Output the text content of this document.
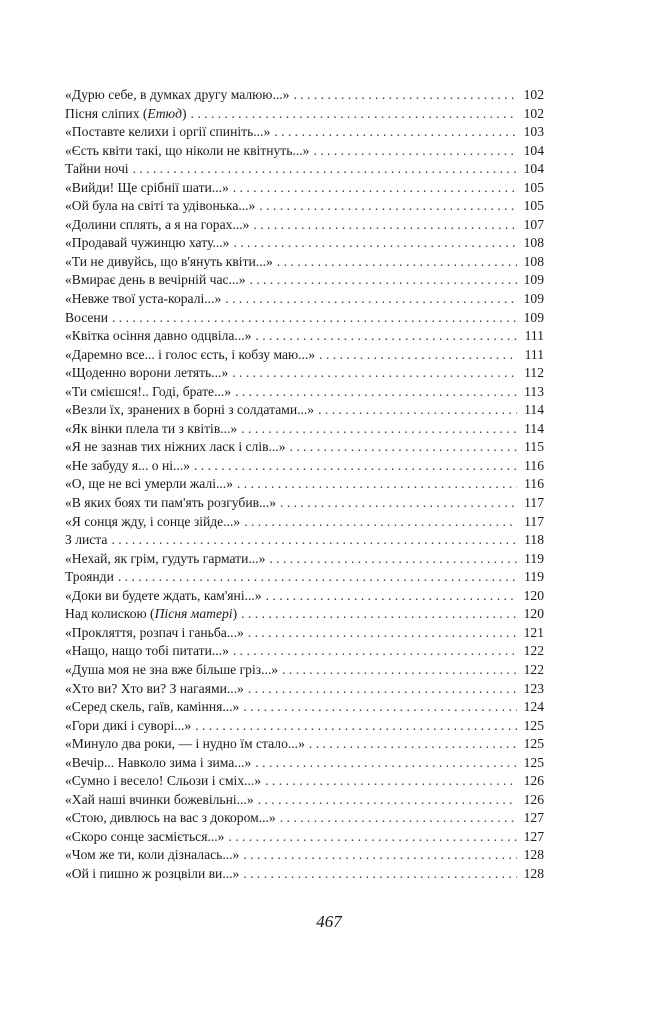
«Дурю себе, в думках другу малюю...» . . .	102
Пісня сліпих (Етюд) . . .	102
«Поставте келихи і оргії спиніть...» . . .	103
«Єсть квіти такі, що ніколи не квітнуть...» . . .	104
Тайни ночі . . .	104
«Вийди! Ще срібнії шати...» . . .	105
«Ой була на світі та удівонька...» . . .	105
«Долини сплять, а я на горах...» . . .	107
«Продавай чужинцю хату...» . . .	108
«Ти не дивуйсь, що в'януть квіти...» . . .	108
«Вмирає день в вечірній час...» . . .	109
«Невже твої уста-коралі...» . . .	109
Восени . . .	109
«Квітка осіння давно одцвіла...» . . .	111
«Даремно все... і голос єсть, і кобзу маю...» . . .	111
«Щоденно ворони летять...» . . .	112
«Ти смієшся!.. Годі, брате...» . . .	113
«Везли їх, зранених в борні з солдатами...» . . .	114
«Як вінки плела ти з квітів...» . . .	114
«Я не зазнав тих ніжних ласк і слів...» . . .	115
«Не забуду я... о ні...» . . .	116
«О, ще не всі умерли жалі...» . . .	116
«В яких боях ти пам'ять розгубив...» . . .	117
«Я сонця жду, і сонце зійде...» . . .	117
З листа . . .	118
«Нехай, як грім, гудуть гармати...» . . .	119
Троянди . . .	119
«Доки ви будете ждать, кам'яні...» . . .	120
Над колискою (Пісня матері) . . .	120
«Прокляття, розпач і ганьба...» . . .	121
«Нащо, нащо тобі питати...» . . .	122
«Душа моя не зна вже більше гріз...» . . .	122
«Хто ви? Хто ви? З нагаями...» . . .	123
«Серед скель, гаїв, каміння...» . . .	124
«Гори дикі і суворі...» . . .	125
«Минуло два роки, — і нудно їм стало...» . . .	125
«Вечір... Навколо зима і зима...» . . .	125
«Сумно і весело! Сльози і сміх...» . . .	126
«Хай наші вчинки божевільні...» . . .	126
«Стою, дивлюсь на вас з докором...» . . .	127
«Скоро сонце засміється...» . . .	127
«Чом же ти, коли дізналась...» . . .	128
«Ой і пишно ж розцвіли ви...» . . .	128
467
